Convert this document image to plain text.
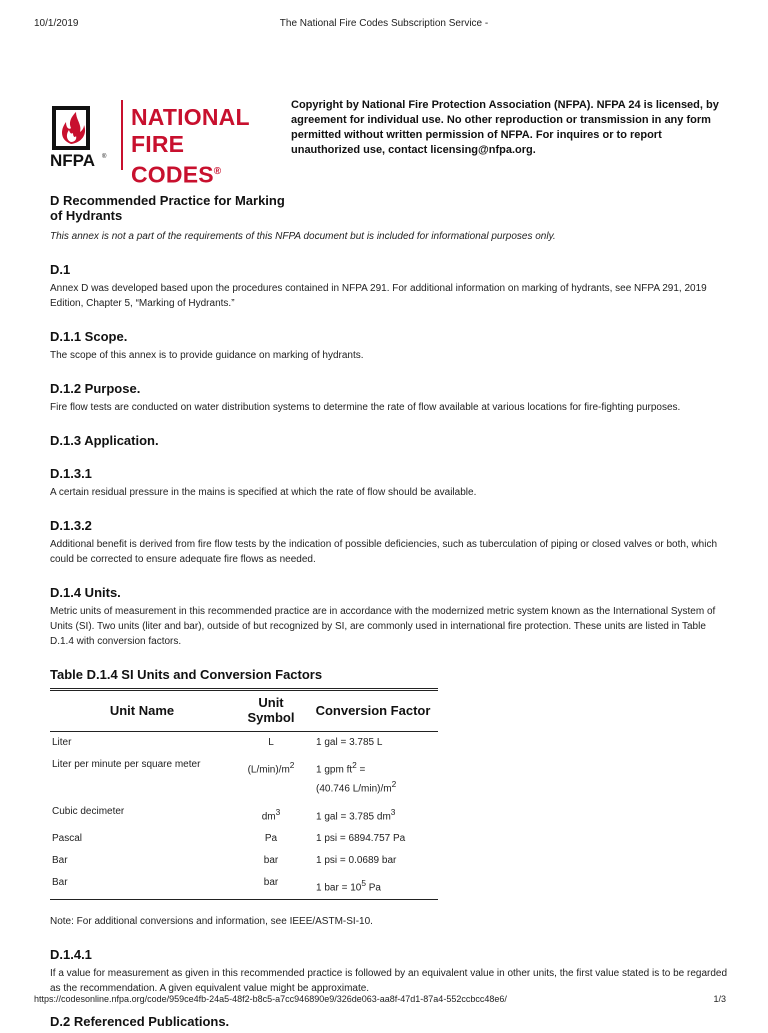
10/1/2019	The National Fire Codes Subscription Service -
NFPA ®
NATIONAL
FIRE CODES®
Copyright by National Fire Protection Association (NFPA). NFPA 24 is licensed, by agreement for individual use. No other reproduction or transmission in any form permitted without written permission of NFPA. For inquires or to report unauthorized use, contact licensing@nfpa.org.
D Recommended Practice for Marking
of Hydrants

This annex is not a part of the requirements of this NFPA document but is included for informational purposes only.

D.1

Annex D was developed based upon the procedures contained in NFPA 291. For additional information on marking of hydrants, see NFPA 291, 2019 Edition, Chapter 5, “Marking of Hydrants.”

D.1.1 Scope.

The scope of this annex is to provide guidance on marking of hydrants.

D.1.2 Purpose.

Fire flow tests are conducted on water distribution systems to determine the rate of flow available at various locations for fire-fighting purposes.

D.1.3 Application.
D.1.3.1

A certain residual pressure in the mains is specified at which the rate of flow should be available.

D.1.3.2

Additional benefit is derived from fire flow tests by the indication of possible deficiencies, such as tuberculation of piping or closed valves or both, which could be corrected to ensure adequate fire flows as needed.

D.1.4 Units.

Metric units of measurement in this recommended practice are in accordance with the modernized metric system known as the International System of Units (SI). Two units (liter and bar), outside of but recognized by SI, are commonly used in international fire protection. These units are listed in Table D.1.4 with conversion factors.

Table D.1.4 SI Units and Conversion Factors
Unit Name	Unit Symbol	Conversion Factor
Liter	L	1 gal = 3.785 L
Liter per minute per square meter	$(L/\min)/m^2$	1 gpm $ft^2$ =
(40.746 $L/\min)/m^2$
Cubic decimeter	$dm^3$	1 gal = 3.785 $dm^3$
Pascal	Pa	1 psi = 6894.757 Pa
Bar	bar	1 psi = 0.0689 bar
Bar	bar	1 bar = $10^5$ Pa

Note: For additional conversions and information, see IEEE/ASTM-SI-10.

D.1.4.1

If a value for measurement as given in this recommended practice is followed by an equivalent value in other units, the first value stated is to be regarded as the recommendation. A given equivalent value might be approximate.

D.2 Referenced Publications.
https://codesonline.nfpa.org/code/959ce4fb-24a5-48f2-b8c5-a7cc946890e9/326de063-aa8f-47d1-87a4-552ccbcc48e6/	1/3
